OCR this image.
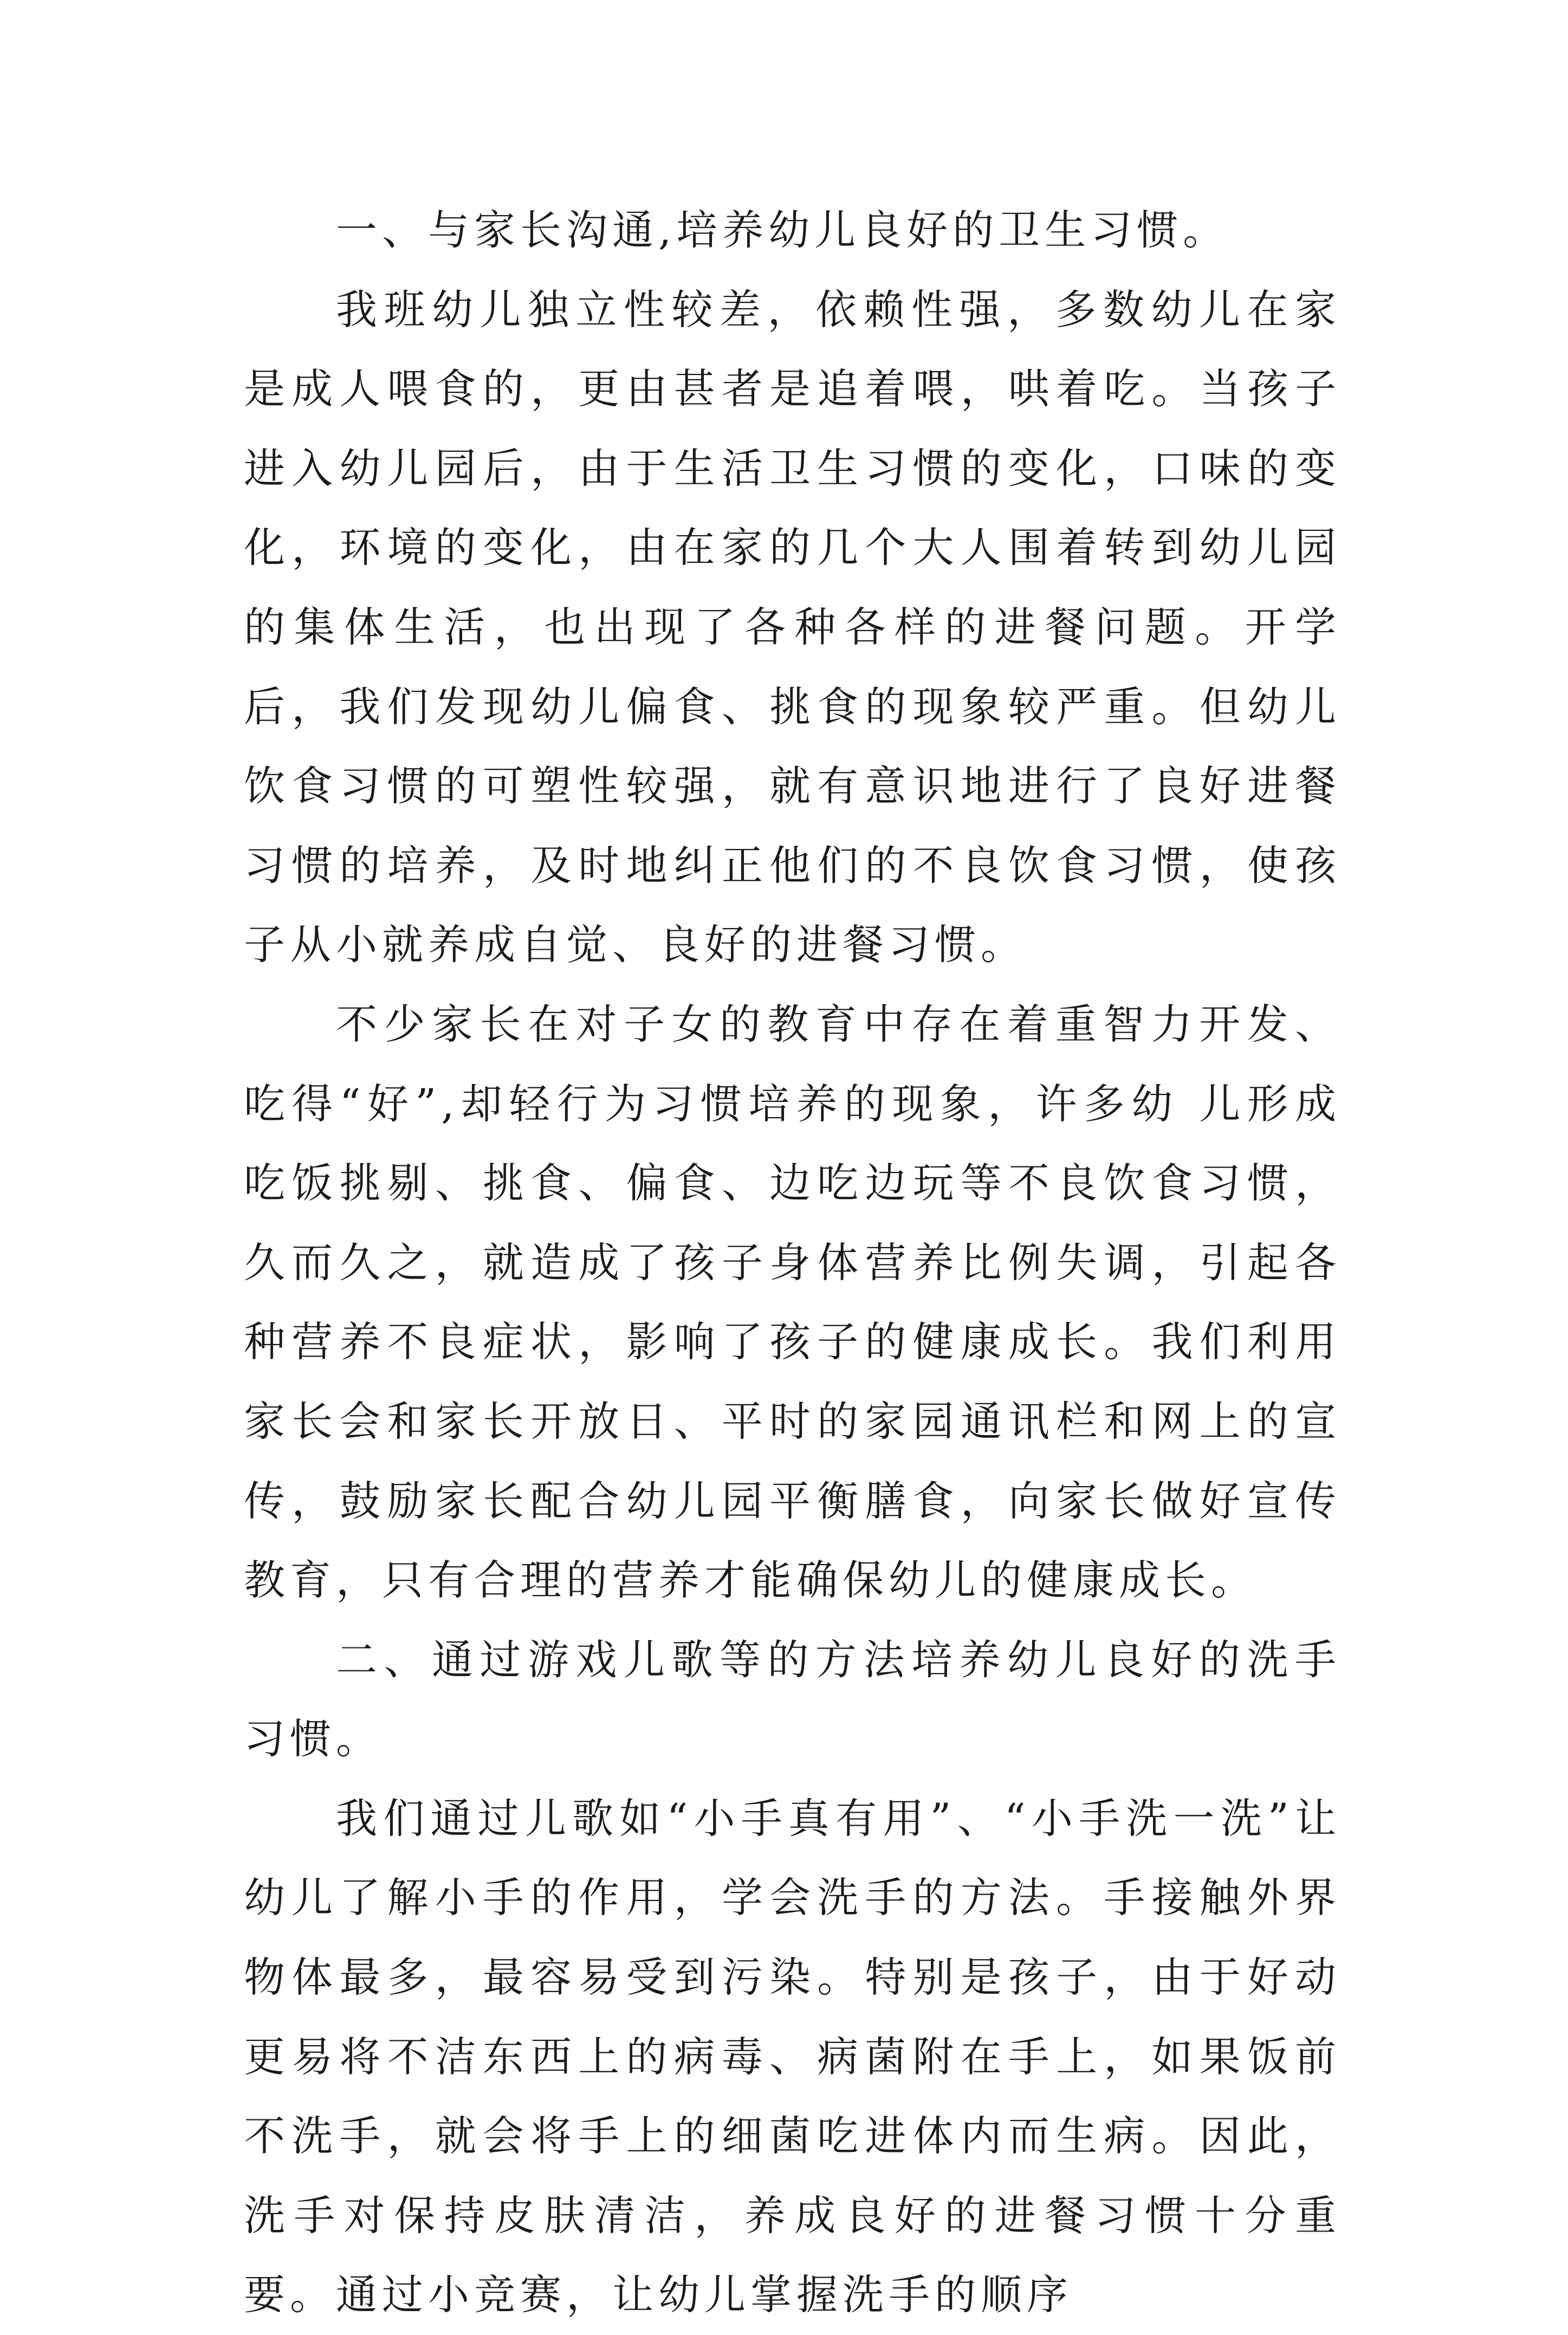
一、与家长沟通,培养幼儿良好的卫生习惯。

我班幼儿独立性较差，依赖性强，多数幼儿在家是成人喂食的，更由甚者是追着喂，哄着吃。当孩子进入幼儿园后，由于生活卫生习惯的变化，口味的变化，环境的变化，由在家的几个大人围着转到幼儿园的集体生活，也出现了各种各样的进餐问题。开学后，我们发现幼儿偏食、挑食的现象较严重。但幼儿饮食习惯的可塑性较强，就有意识地进行了良好进餐习惯的培养，及时地纠正他们的不良饮食习惯，使孩子从小就养成自觉、良好的进餐习惯。

不少家长在对子女的教育中存在着重智力开发、吃得“好”,却轻行为习惯培养的现象，许多幼 儿形成吃饭挑剔、挑食、偏食、边吃边玩等不良饮食习惯，久而久之，就造成了孩子身体营养比例失调，引起各种营养不良症状，影响了孩子的健康成长。我们利用家长会和家长开放日、平时的家园通讯栏和网上的宣传，鼓励家长配合幼儿园平衡膳食，向家长做好宣传教育，只有合理的营养才能确保幼儿的健康成长。

二、通过游戏儿歌等的方法培养幼儿良好的洗手习惯。

我们通过儿歌如“小手真有用”、“小手洗一洗”让幼儿了解小手的作用，学会洗手的方法。手接触外界物体最多，最容易受到污染。特别是孩子，由于好动更易将不洁东西上的病毒、病菌附在手上，如果饭前不洗手，就会将手上的细菌吃进体内而生病。因此，洗手对保持皮肤清洁，养成良好的进餐习惯十分重要。通过小竞赛，让幼儿掌握洗手的顺序
